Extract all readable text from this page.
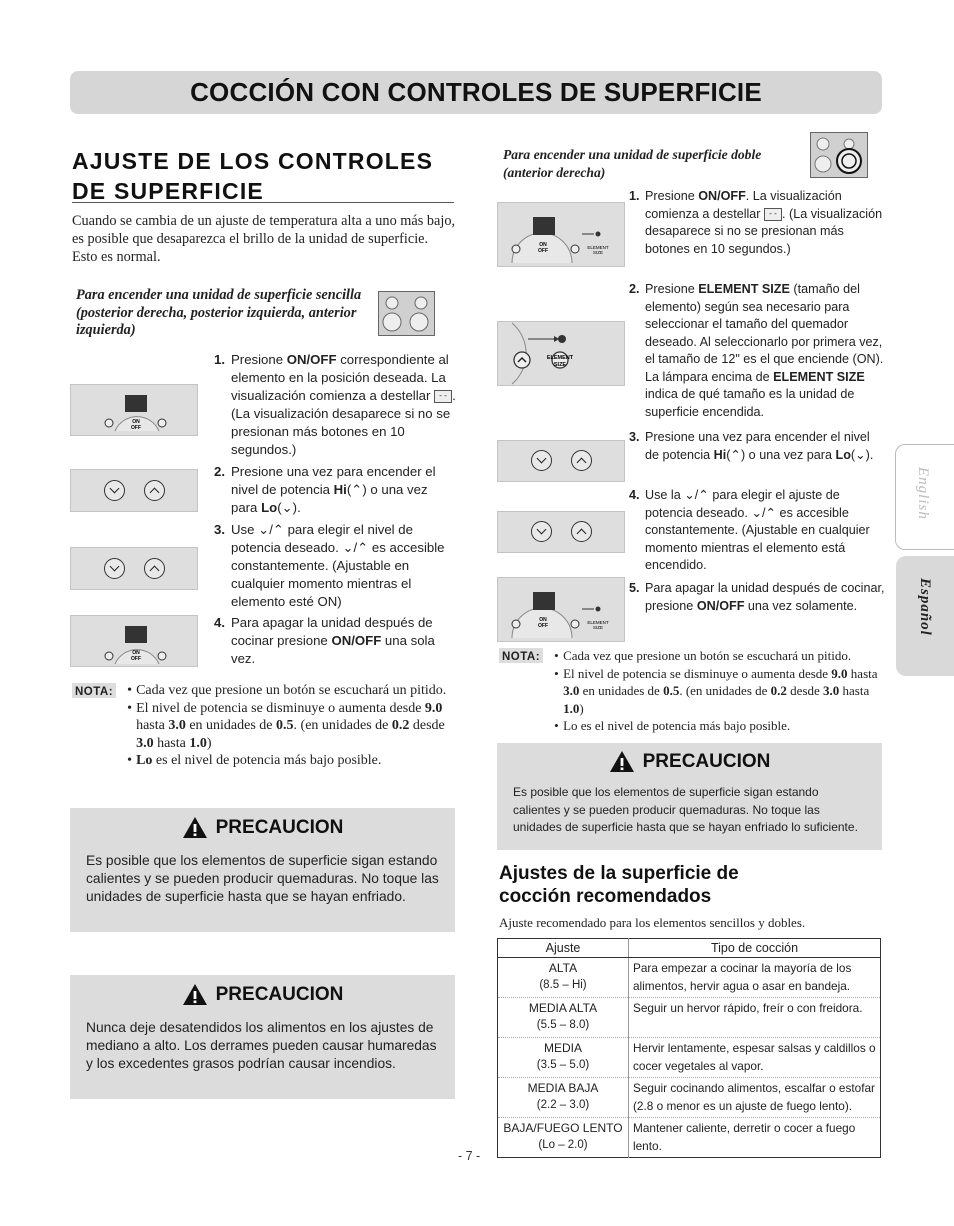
COCCIÓN CON CONTROLES DE SUPERFICIE
English
Español
AJUSTE DE LOS CONTROLES
DE SUPERFICIE
Cuando se cambia de un ajuste de temperatura alta a uno más bajo, es posible que desaparezca el brillo de la unidad de superficie. Esto es normal.
Para encender una unidad de superficie sencilla (posterior derecha, posterior izquierda, anterior izquierda)
ON
OFF
ON
OFF
1. Presione ON/OFF correspondiente al elemento en la posición deseada. La visualización comienza a destellar - - . (La visualización desaparece si no se presionan más botones en 10 segundos.)
2. Presione una vez para encender el nivel de potencia Hi(⌃) o una vez para Lo(⌄).
3. Use ⌄/⌃ para elegir el nivel de potencia deseado. ⌄/⌃ es accesible constantemente. (Ajustable en cualquier momento mientras el elemento esté ON)
4. Para apagar la unidad después de cocinar presione ON/OFF una sola vez.
NOTA: • Cada vez que presione un botón se escuchará un pitido.
• El nivel de potencia se disminuye o aumenta desde 9.0 hasta 3.0 en unidades de 0.5. (en unidades de 0.2 desde 3.0 hasta 1.0)
• Lo es el nivel de potencia más bajo posible.
PRECAUCION
Es posible que los elementos de superficie sigan estando calientes y se pueden producir quemaduras. No toque las unidades de superficie hasta que se hayan enfriado.
PRECAUCION
Nunca deje desatendidos los alimentos en los ajustes de mediano a alto. Los derrames pueden causar humaredas y los excedentes grasos podrían causar incendios.
Para encender una unidad de superficie doble (anterior derecha)
ON
OFF
ELEMENT
SIZE
ELEMENT
SIZE
ON
OFF
ELEMENT
SIZE
1. Presione ON/OFF. La visualización comienza a destellar - - . (La visualización desaparece si no se presionan más botones en 10 segundos.)
2. Presione ELEMENT SIZE (tamaño del elemento) según sea necesario para seleccionar el tamaño del quemador deseado. Al seleccionarlo por primera vez, el tamaño de 12" es el que enciende (ON). La lámpara encima de ELEMENT SIZE indica de qué tamaño es la unidad de superficie encendida.
3. Presione una vez para encender el nivel de potencia Hi(⌃) o una vez para Lo(⌄).
4. Use la ⌄/⌃ para elegir el ajuste de potencia deseado. ⌄/⌃ es accesible constantemente. (Ajustable en cualquier momento mientras el elemento está encendido.
5. Para apagar la unidad después de cocinar, presione ON/OFF una vez solamente.
NOTA: • Cada vez que presione un botón se escuchará un pitido.
• El nivel de potencia se disminuye o aumenta desde 9.0 hasta 3.0 en unidades de 0.5. (en unidades de 0.2 desde 3.0 hasta 1.0)
• Lo es el nivel de potencia más bajo posible.
PRECAUCION
Es posible que los elementos de superficie sigan estando calientes y se pueden producir quemaduras. No toque las unidades de superficie hasta que se hayan enfriado lo suficiente.
Ajustes de la superficie de
cocción recomendados
Ajuste recomendado para los elementos sencillos y dobles.
Ajuste	Tipo de cocción

ALTA
(8.5 – Hi)	Para empezar a cocinar la mayoría de los alimentos, hervir agua o asar en bandeja.

MEDIA ALTA
(5.5 – 8.0)	Seguir un hervor rápido, freír o con freidora.

MEDIA
(3.5 – 5.0)	Hervir lentamente, espesar salsas y caldillos o cocer vegetales al vapor.

MEDIA BAJA
(2.2 – 3.0)	Seguir cocinando alimentos, escalfar o estofar (2.8 o menor es un ajuste de fuego lento).

BAJA/FUEGO LENTO
(Lo – 2.0)	Mantener caliente, derretir o cocer a fuego lento.
- 7 -
